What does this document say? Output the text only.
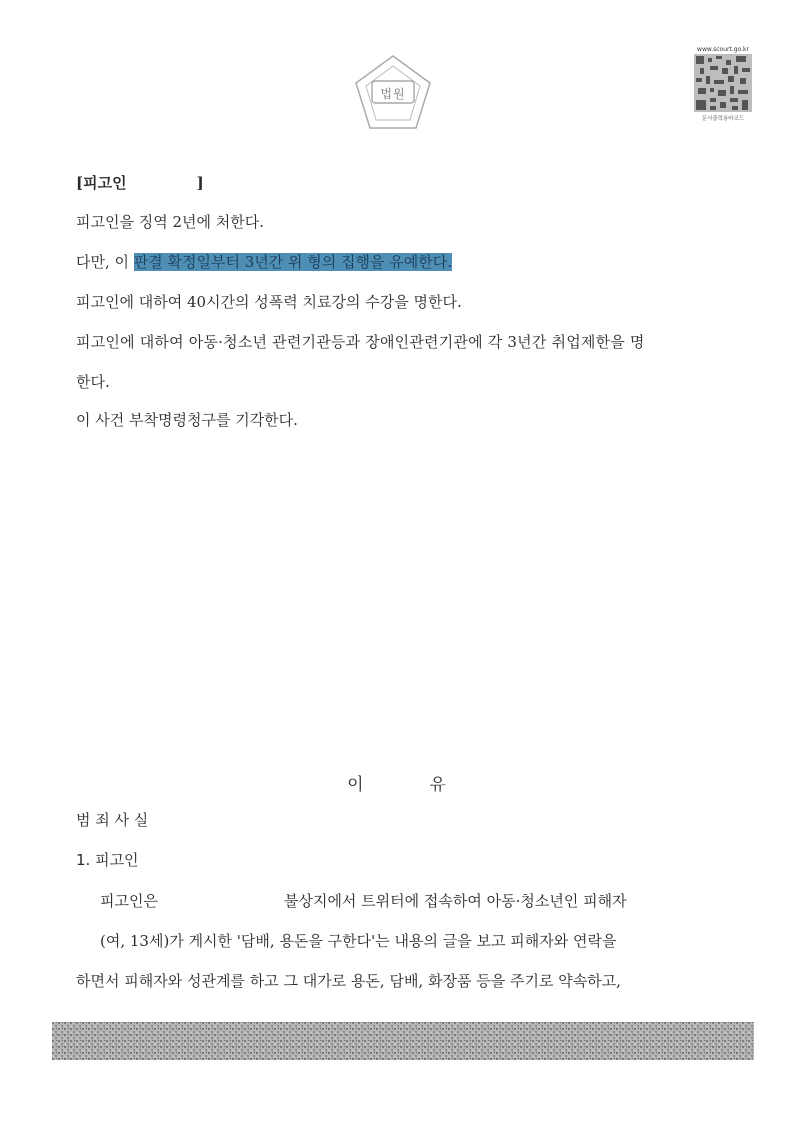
법원
www.scourt.go.kr
문서출력용바코드
[피고인	]
피고인을 징역 2년에 처한다.
다만, 이 판결 확정일부터 3년간 위 형의 집행을 유예한다.
피고인에 대하여 40시간의 성폭력 치료강의 수강을 명한다.
피고인에 대하여 아동·청소년 관련기관등과 장애인관련기관에 각 3년간 취업제한을 명
한다.
이 사건 부착명령청구를 기각한다.
이	유
범 죄 사 실
1. 피고인
피고인은	불상지에서 트위터에 접속하여 아동·청소년인 피해자
(여, 13세)가 게시한 '담배, 용돈을 구한다'는 내용의 글을 보고 피해자와 연락을
하면서 피해자와 성관계를 하고 그 대가로 용돈, 담배, 화장품 등을 주기로 약속하고,
